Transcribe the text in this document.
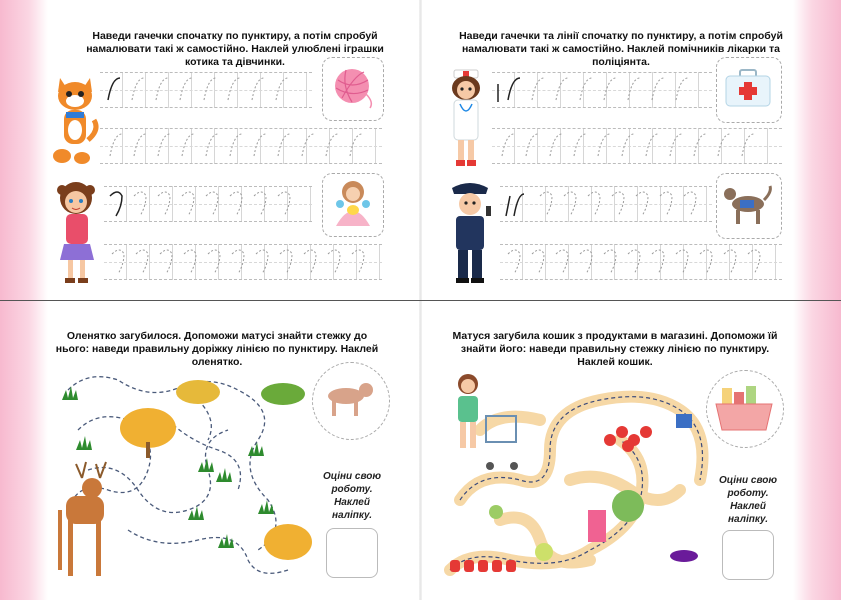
Наведи гачечки спочатку по пунктиру, а потім спробуй намалювати такі ж самостійно. Наклей улюблені іграшки котика та дівчинки.
Наведи гачечки та лінії спочатку по пунктиру, а потім спробуй намалювати такі ж самостійно. Наклей помічників лікарки та поліціянта.
Оленятко загубилося. Допоможи матусі знайти стежку до нього: наведи правильну доріжку лінією по пунктиру. Наклей оленятко.
Оціни свою роботу. Наклей наліпку.
Матуся загубила кошик з продуктами в магазині. Допоможи їй знайти його: наведи правильну стежку лінією по пунктиру. Наклей кошик.
Оціни свою роботу. Наклей наліпку.
